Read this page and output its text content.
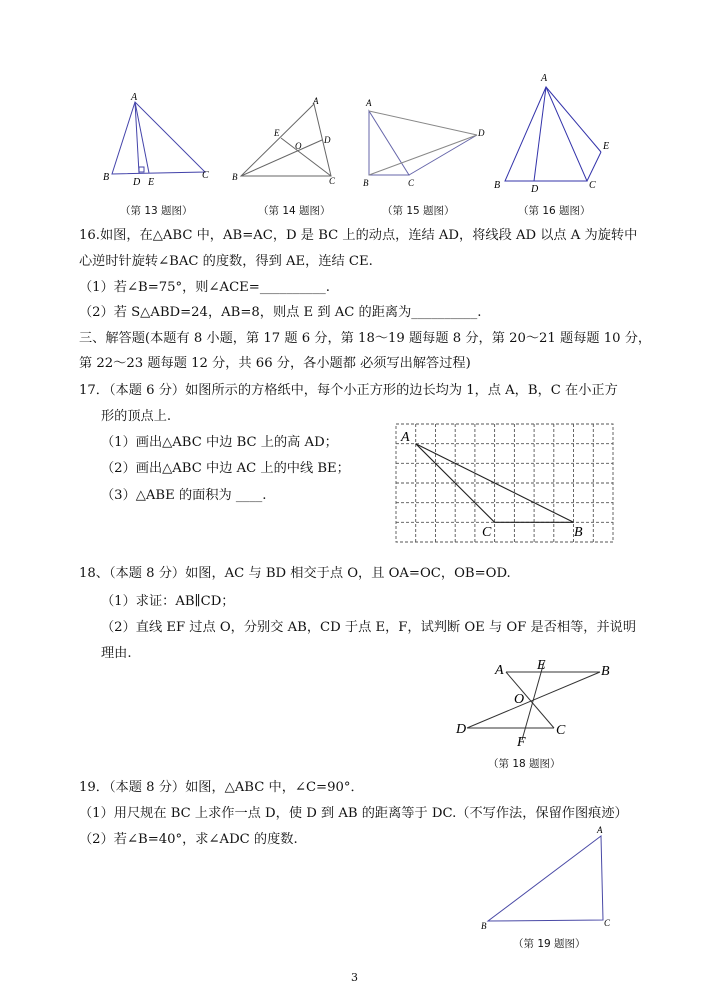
A
B	C
D E
（第 13 题图）
A
B	C
D
E
O
（第 14 题图）
A
B	C
D
（第 15 题图）
A
B	C
D
E
（第 16 题图）
16.如图，在△ABC 中，AB=AC，D 是 BC 上的动点，连结 AD，将线段 AD 以点 A 为旋转中
心逆时针旋转∠BAC 的度数，得到 AE，连结 CE.
（1）若∠B=75°，则∠ACE=__________.
（2）若 S△ABD=24，AB=8，则点 E 到 AC 的距离为__________.
三、解答题(本题有 8 小题，第 17 题 6 分，第 18～19 题每题 8 分，第 20～21 题每题 10 分，
第 22～23 题每题 12 分，共 66 分，各小题都 必须写出解答过程)
17．（本题 6 分）如图所示的方格纸中，每个小正方形的边长均为 1，点 A，B，C 在小正方
形的顶点上.
（1）画出△ABC 中边 BC 上的高 AD；
（2）画出△ABC 中边 AC 上的中线 BE；
（3）△ABE 的面积为 ____.
A
B
C
18、（本题 8 分）如图，AC 与 BD 相交于点 O，且 OA=OC，OB=OD.
（1）求证：AB∥CD；
（2）直线 EF 过点 O，分别交 AB，CD 于点 E，F，试判断 OE 与 OF 是否相等，并说明
理由.
A	B
C
D
E
F
O
（第 18 题图）
19．（本题 8 分）如图，△ABC 中，∠C=90°．
（1）用尺规在 BC 上求作一点 D，使 D 到 AB 的距离等于 DC.（不写作法，保留作图痕迹）
（2）若∠B=40°，求∠ADC 的度数.
A
B	C
（第 19 题图）
3
